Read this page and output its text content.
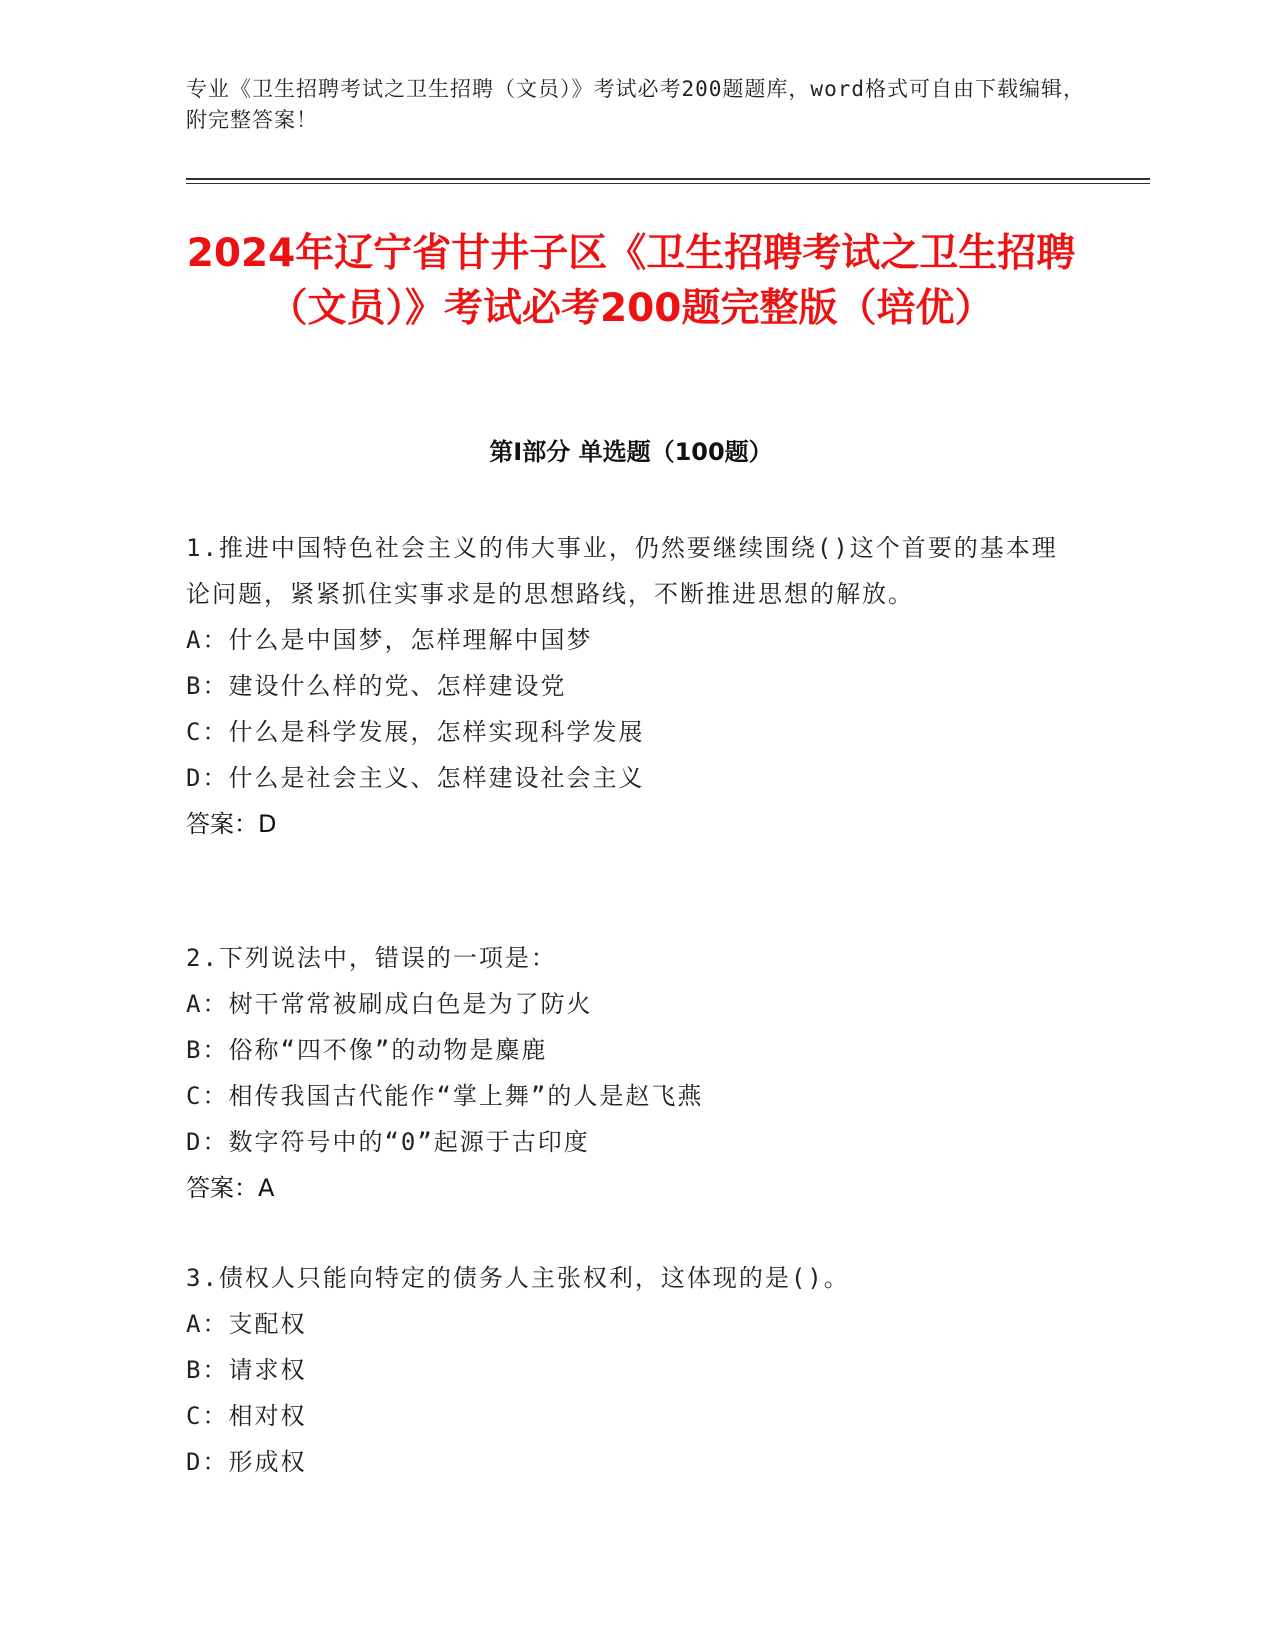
专业《卫生招聘考试之卫生招聘（文员）》考试必考200题题库，word格式可自由下载编辑，附完整答案！
2024年辽宁省甘井子区《卫生招聘考试之卫生招聘（文员）》考试必考200题完整版（培优）
第I部分 单选题（100题）

1.推进中国特色社会主义的伟大事业，仍然要继续围绕()这个首要的基本理论问题，紧紧抓住实事求是的思想路线，不断推进思想的解放。

A：什么是中国梦，怎样理解中国梦

B：建设什么样的党、怎样建设党

C：什么是科学发展，怎样实现科学发展

D：什么是社会主义、怎样建设社会主义

答案：D

2.下列说法中，错误的一项是：

A：树干常常被刷成白色是为了防火

B：俗称“四不像”的动物是麋鹿

C：相传我国古代能作“掌上舞”的人是赵飞燕

D：数字符号中的“0”起源于古印度

答案：A

3.债权人只能向特定的债务人主张权利，这体现的是()。

A：支配权

B：请求权

C：相对权

D：形成权
